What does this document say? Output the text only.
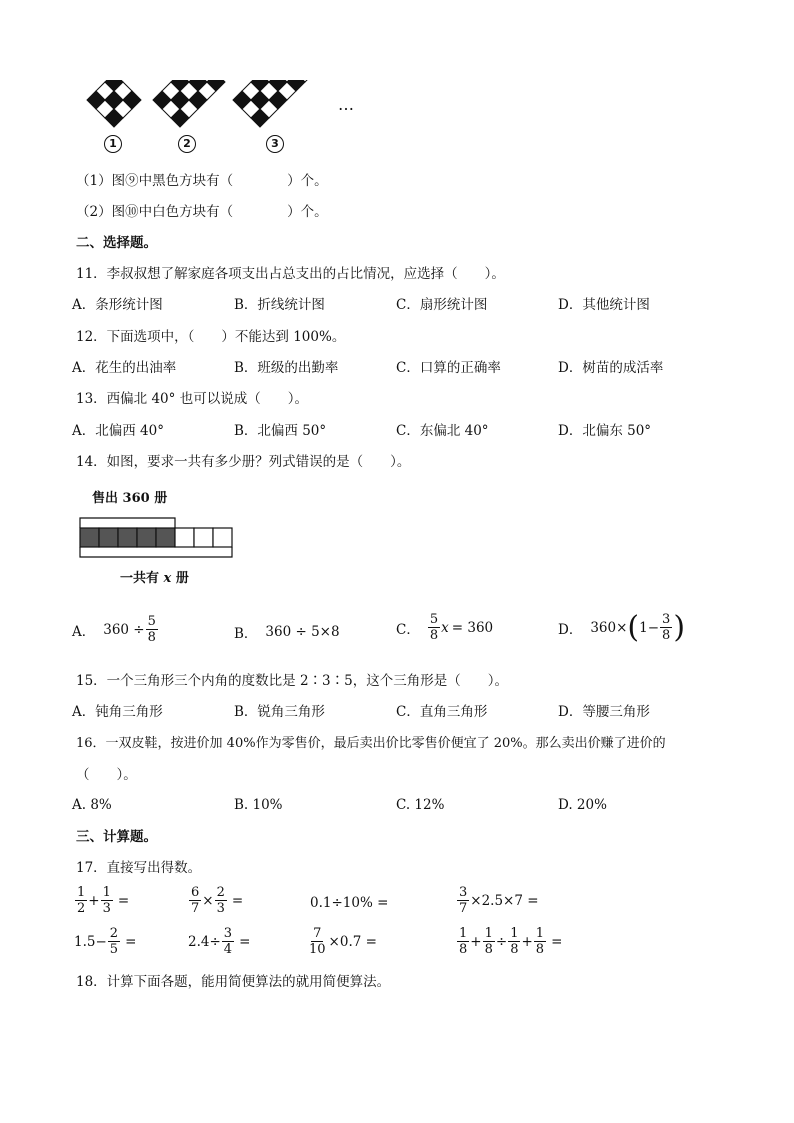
1	2	3
…
（1）图⑨中黑色方块有（　　　　）个。
（2）图⑩中白色方块有（　　　　）个。
二、选择题。
11．李叔叔想了解家庭各项支出占总支出的占比情况，应选择（　　）。
A．条形统计图	B．折线统计图	C．扇形统计图	D．其他统计图
12．下面选项中，（　　）不能达到 100%。
A．花生的出油率	B．班级的出勤率	C．口算的正确率	D．树苗的成活率
13．西偏北 40° 也可以说成（　　）。
A．北偏西 40°	B．北偏西 50°	C．东偏北 40°	D．北偏东 50°
14．如图，要求一共有多少册？列式错误的是（　　）。
售出 360 册
一共有 x 册
A． $360 \div \frac{5}{8}$	B． 360 ÷ 5×8	C． $\frac{5}{8}$ x = 360	D． 360× ( $1- \frac{3}{8}$ )
15．一个三角形三个内角的度数比是 2∶3∶5，这个三角形是（　　）。
A．钝角三角形	B．锐角三角形	C．直角三角形	D．等腰三角形
16．一双皮鞋，按进价加 40%作为零售价，最后卖出价比零售价便宜了 20%。那么卖出价赚了进价的
（　　）。
A. 8%	B. 10%	C. 12%	D. 20%
三、计算题。
17．直接写出得数。
$\frac{1}{2} + \frac{1}{3}$ =	$\frac{6}{7} \times \frac{2}{3}$ =	0.1÷10% =	$\frac{3}{7} \times 2.5\times 7$ =
$1.5- \frac{2}{5}$ =	$2.4\div \frac{3}{4}$ =	$\frac{7}{10} \times 0.7$ =	$\frac{1}{8} + \frac{1}{8} \div \frac{1}{8} + \frac{1}{8}$ =
18．计算下面各题，能用简便算法的就用简便算法。
